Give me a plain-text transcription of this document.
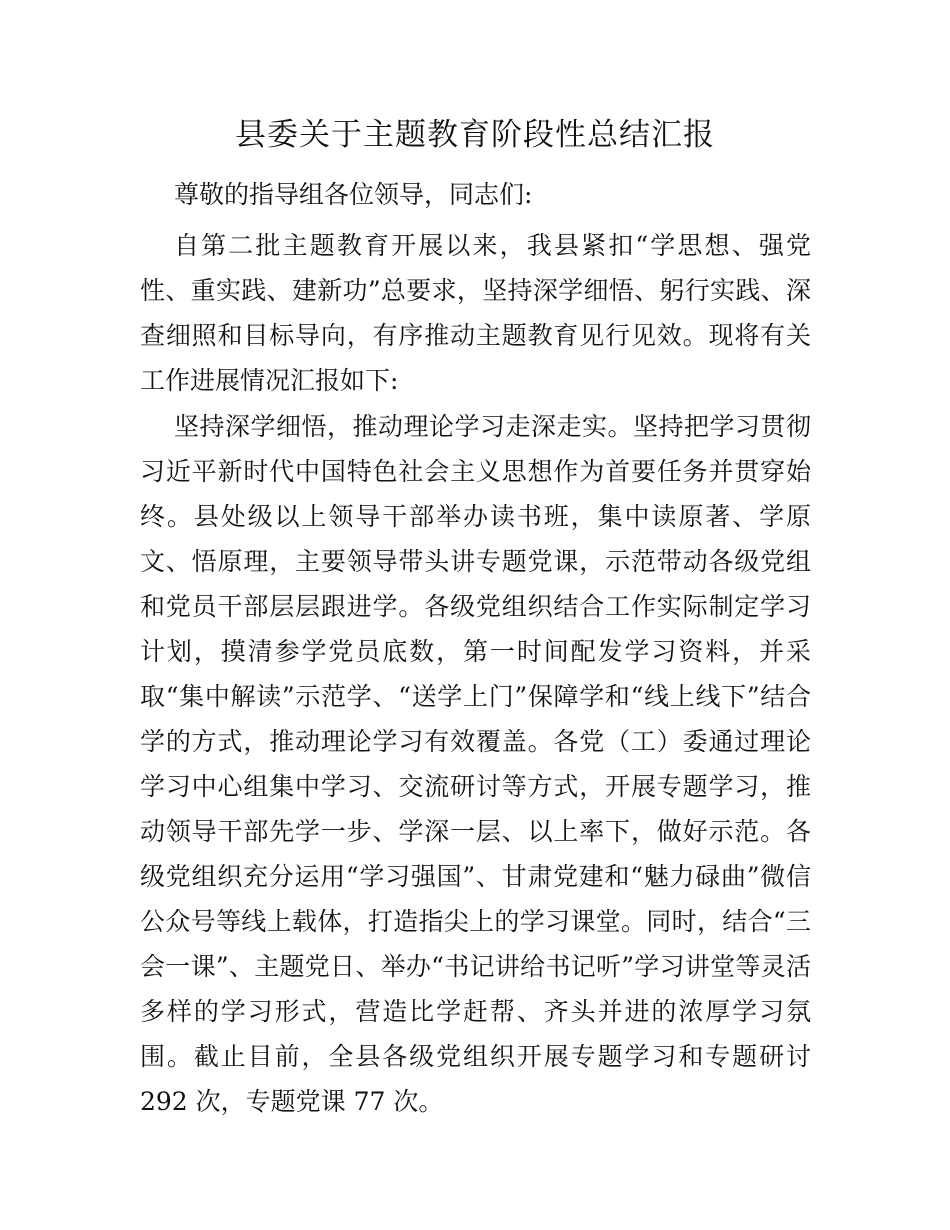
县委关于主题教育阶段性总结汇报

尊敬的指导组各位领导，同志们:

自第二批主题教育开展以来，我县紧扣“学思想、强党性、重实践、建新功”总要求，坚持深学细悟、躬行实践、深查细照和目标导向，有序推动主题教育见行见效。现将有关工作进展情况汇报如下:

坚持深学细悟，推动理论学习走深走实。坚持把学习贯彻习近平新时代中国特色社会主义思想作为首要任务并贯穿始终。县处级以上领导干部举办读书班，集中读原著、学原文、悟原理，主要领导带头讲专题党课，示范带动各级党组和党员干部层层跟进学。各级党组织结合工作实际制定学习计划，摸清参学党员底数，第一时间配发学习资料，并采取“集中解读”示范学、“送学上门”保障学和“线上线下”结合学的方式，推动理论学习有效覆盖。各党（工）委通过理论学习中心组集中学习、交流研讨等方式，开展专题学习，推动领导干部先学一步、学深一层、以上率下，做好示范。各级党组织充分运用“学习强国”、甘肃党建和“魅力碌曲”微信公众号等线上载体，打造指尖上的学习课堂。同时，结合“三会一课”、主题党日、举办“书记讲给书记听”学习讲堂等灵活多样的学习形式，营造比学赶帮、齐头并进的浓厚学习氛围。截止目前，全县各级党组织开展专题学习和专题研讨 292 次，专题党课 77 次。
